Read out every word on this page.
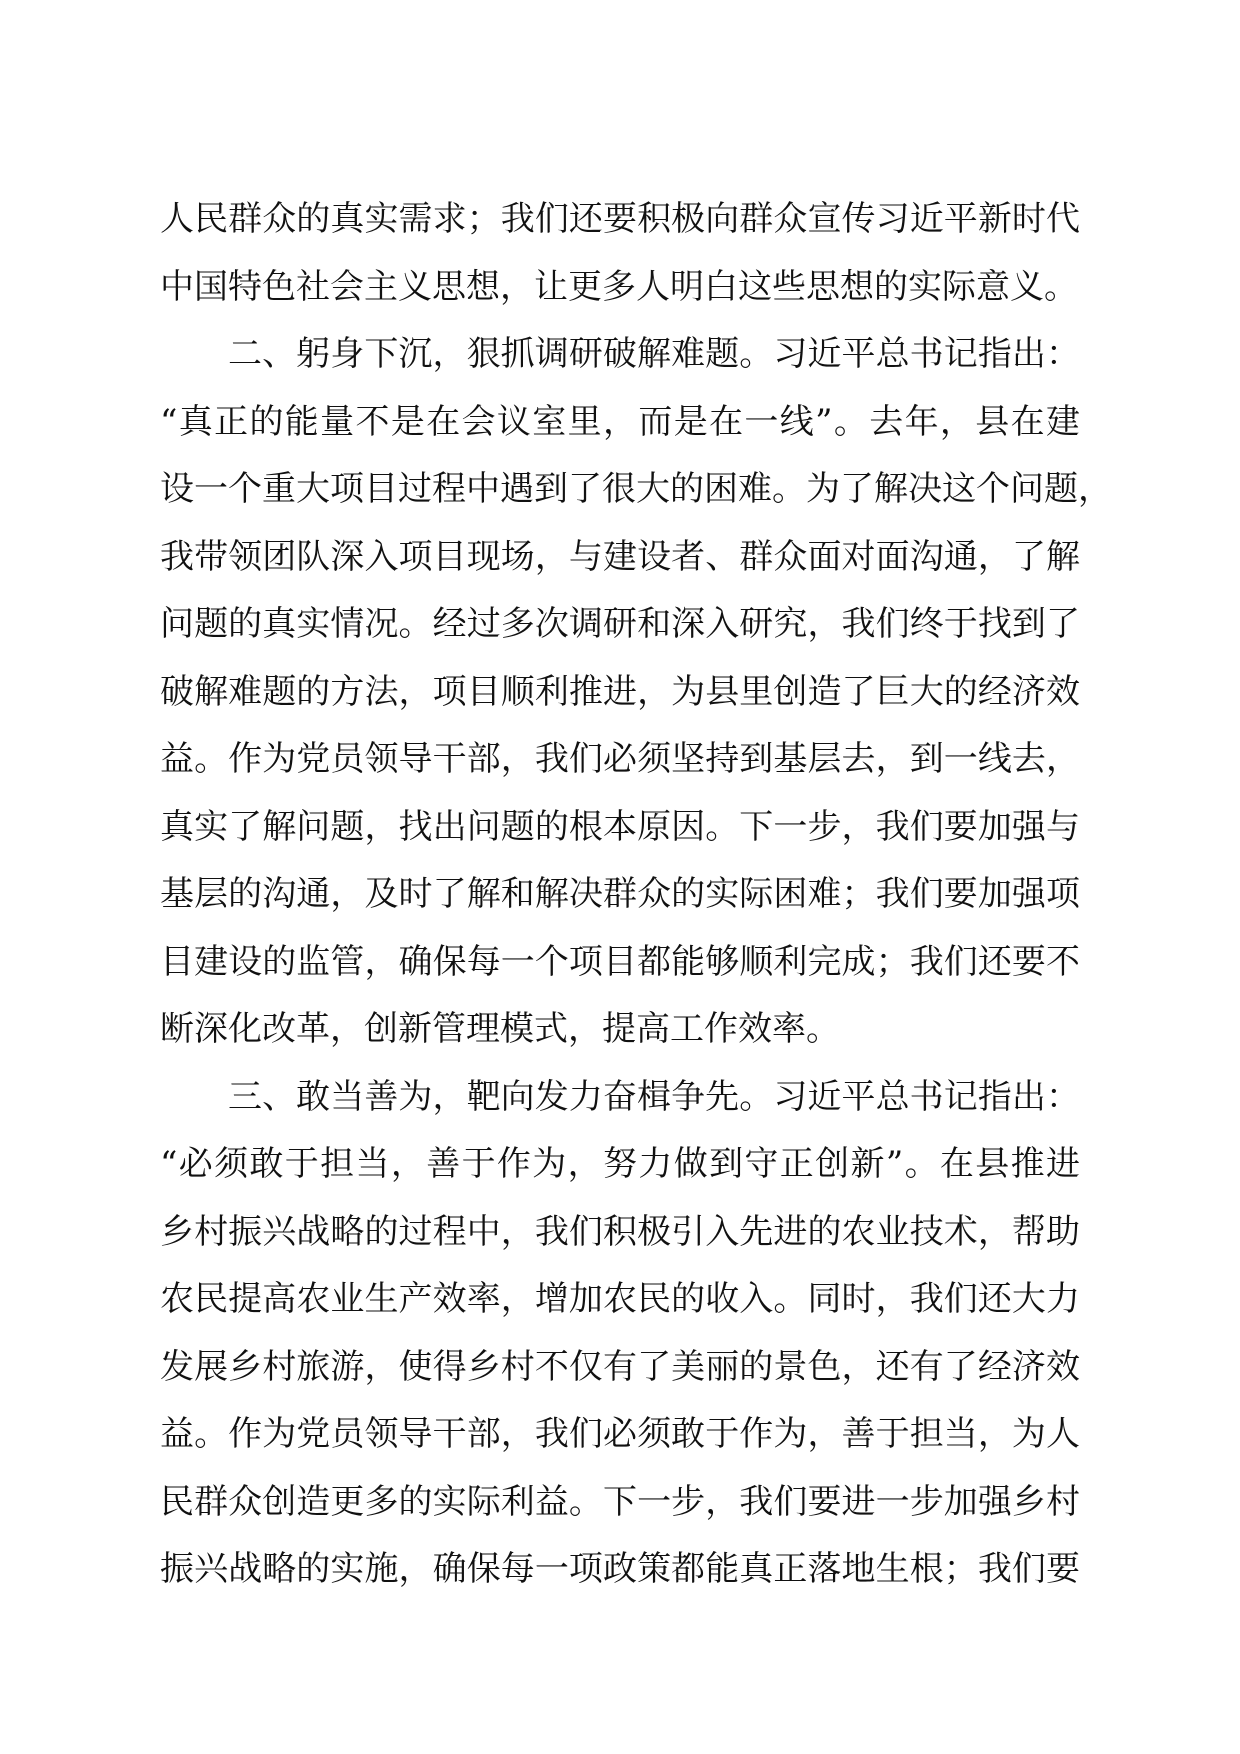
人民群众的真实需求；我们还要积极向群众宣传习近平新时代
中国特色社会主义思想，让更多人明白这些思想的实际意义。
二、躬身下沉，狠抓调研破解难题。习近平总书记指出：
“真正的能量不是在会议室里，而是在一线”。去年，县在建
设一个重大项目过程中遇到了很大的困难。为了解决这个问题，
我带领团队深入项目现场，与建设者、群众面对面沟通，了解
问题的真实情况。经过多次调研和深入研究，我们终于找到了
破解难题的方法，项目顺利推进，为县里创造了巨大的经济效
益。作为党员领导干部，我们必须坚持到基层去，到一线去，
真实了解问题，找出问题的根本原因。下一步，我们要加强与
基层的沟通，及时了解和解决群众的实际困难；我们要加强项
目建设的监管，确保每一个项目都能够顺利完成；我们还要不
断深化改革，创新管理模式，提高工作效率。
三、敢当善为，靶向发力奋楫争先。习近平总书记指出：
“必须敢于担当，善于作为，努力做到守正创新”。在县推进
乡村振兴战略的过程中，我们积极引入先进的农业技术，帮助
农民提高农业生产效率，增加农民的收入。同时，我们还大力
发展乡村旅游，使得乡村不仅有了美丽的景色，还有了经济效
益。作为党员领导干部，我们必须敢于作为，善于担当，为人
民群众创造更多的实际利益。下一步，我们要进一步加强乡村
振兴战略的实施，确保每一项政策都能真正落地生根；我们要
